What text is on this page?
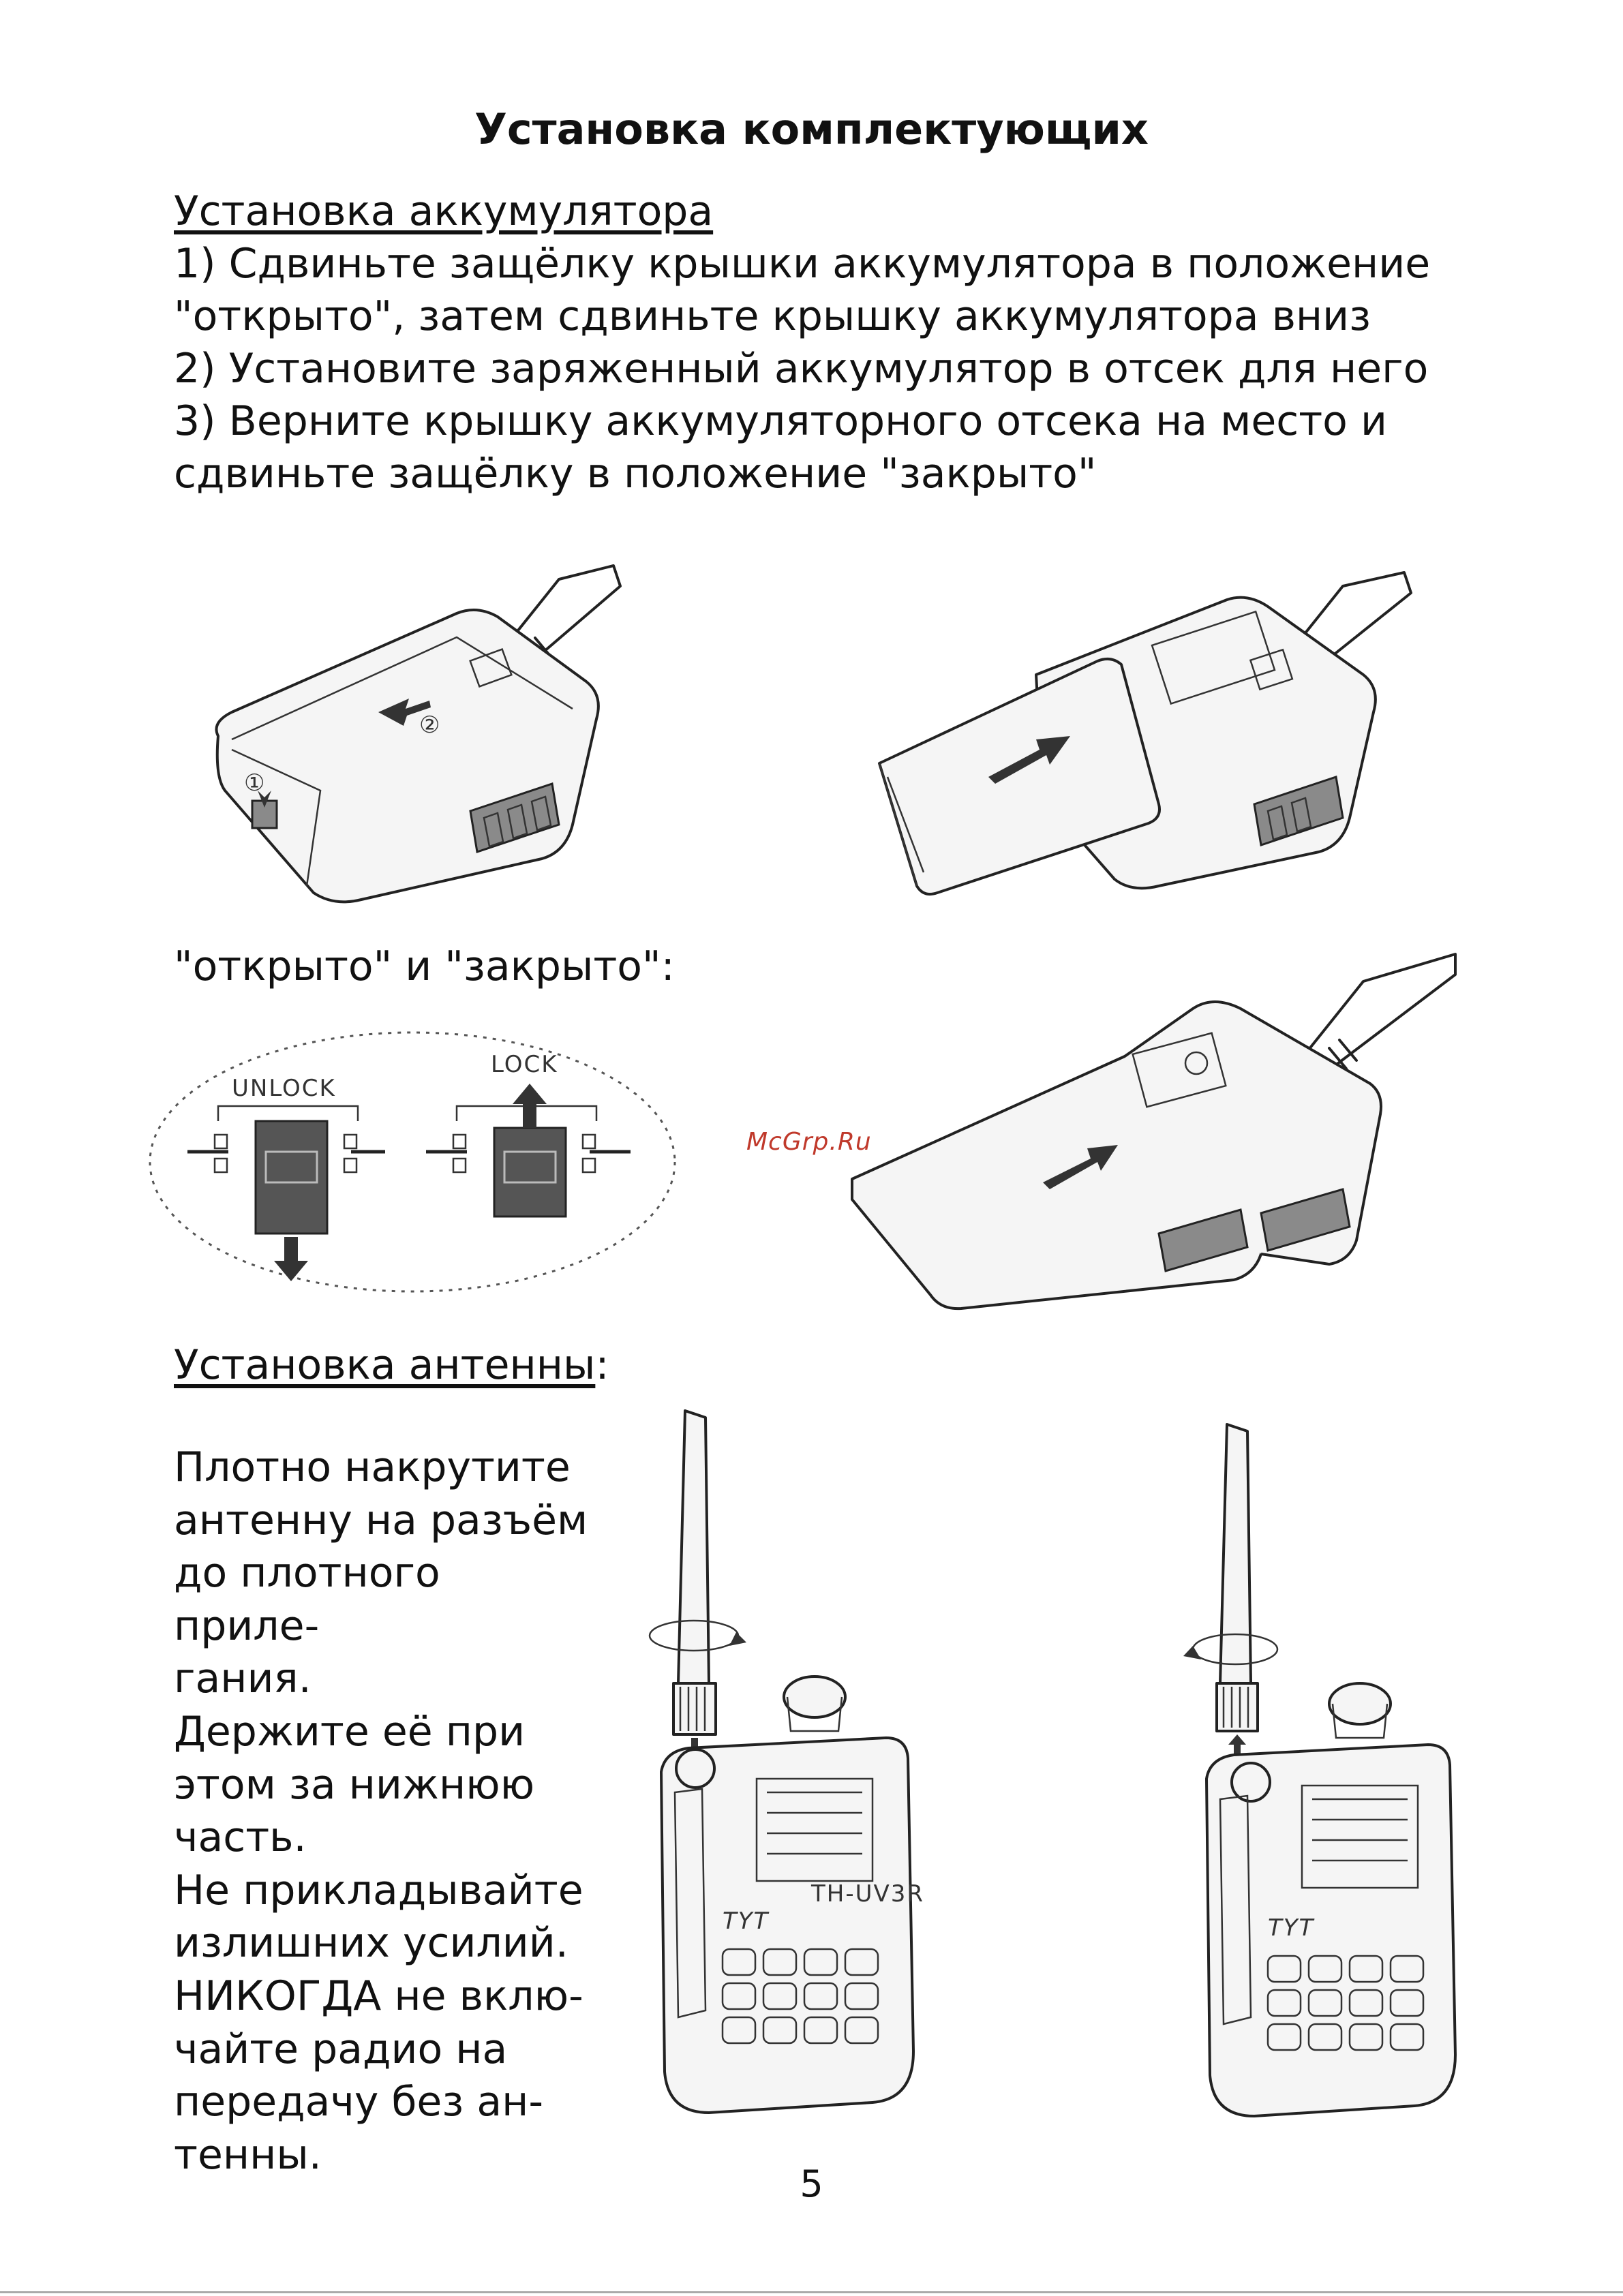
Установка комплектующих

Установка аккумулятора

1) Сдвиньте защёлку крышки аккумулятора в положение

"открыто", затем сдвиньте крышку аккумулятора вниз

2) Установите заряженный аккумулятор в отсек для него

3) Верните крышку аккумуляторного отсека на место и

сдвиньте защёлку в положение "закрыто"

②
①
"открыто" и "закрыто":
UNLOCK
LOCK
McGrp.Ru
Установка антенны:
Плотно накрутите
антенну на разъём
до плотного приле-
гания.
Держите её при
этом за нижнюю
часть.
Не прикладывайте
излишних усилий.
НИКОГДА не вклю-
чайте радио на
передачу без ан-
тенны.
TH-UV3R
TYT	TYT
5
